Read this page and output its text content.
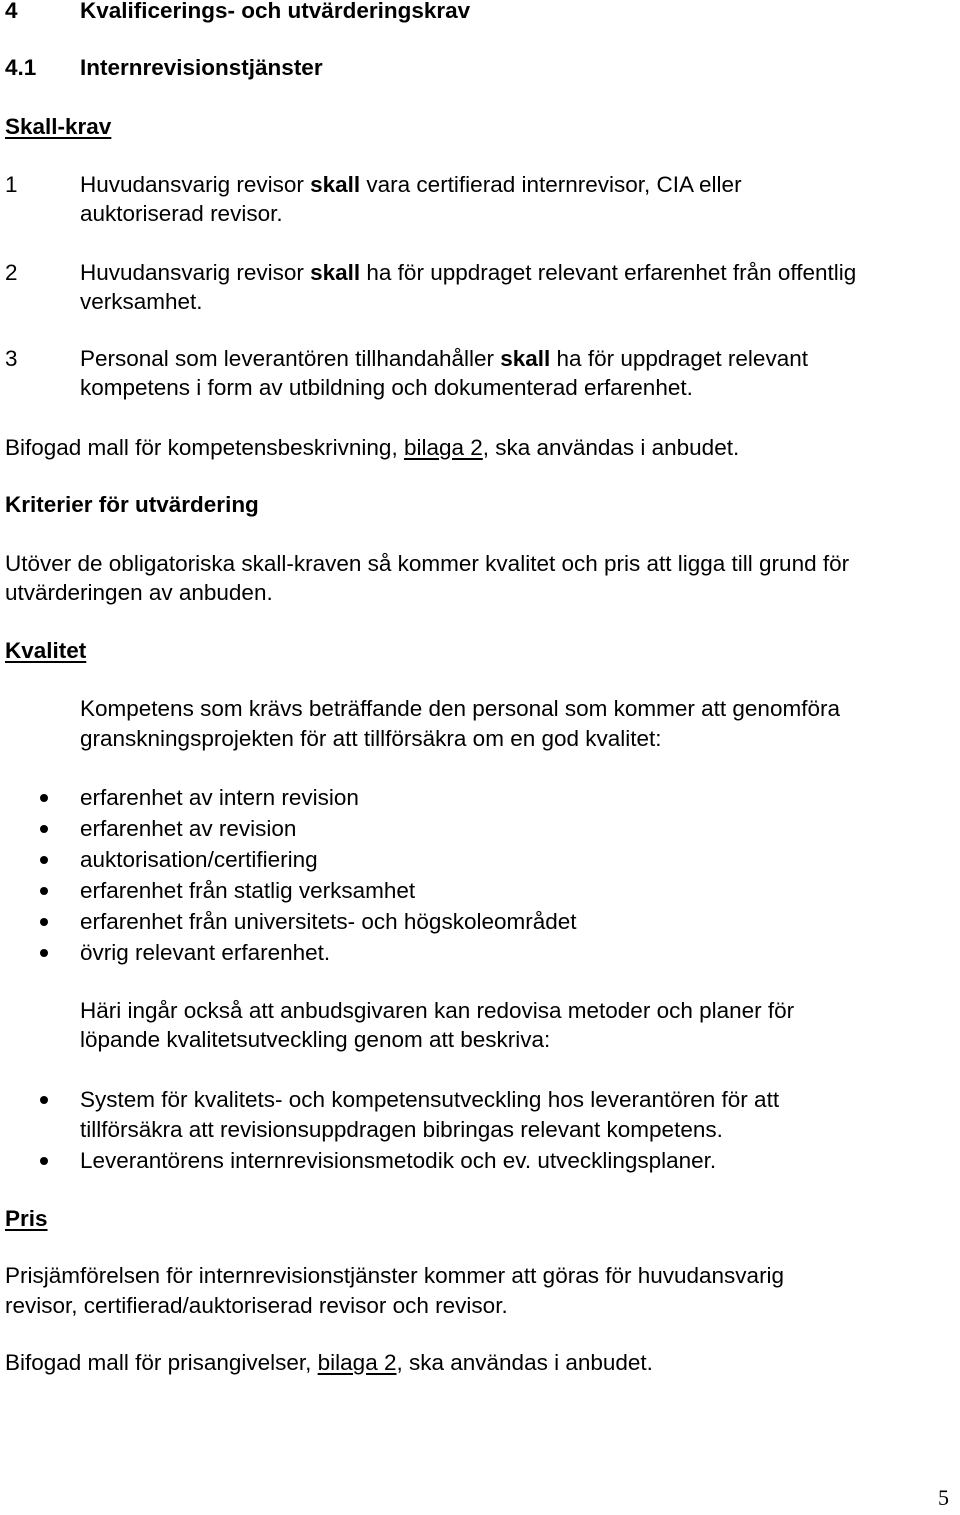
4	Kvalificerings- och utvärderingskrav
4.1 Internrevisionstjänster
Skall-krav
1	Huvudansvarig revisor skall vara certifierad internrevisor, CIA eller
auktoriserad revisor.
2	Huvudansvarig revisor skall ha för uppdraget relevant erfarenhet från offentlig
verksamhet.
3	Personal som leverantören tillhandahåller skall ha för uppdraget relevant
kompetens i form av utbildning och dokumenterad erfarenhet.
Bifogad mall för kompetensbeskrivning, bilaga 2, ska användas i anbudet.
Kriterier för utvärdering
Utöver de obligatoriska skall-kraven så kommer kvalitet och pris att ligga till grund för
utvärderingen av anbuden.
Kvalitet
Kompetens som krävs beträffande den personal som kommer att genomföra
granskningsprojekten för att tillförsäkra om en god kvalitet:
erfarenhet av intern revision
erfarenhet av revision
auktorisation/certifiering
erfarenhet från statlig verksamhet
erfarenhet från universitets- och högskoleområdet
övrig relevant erfarenhet.
Häri ingår också att anbudsgivaren kan redovisa metoder och planer för
löpande kvalitetsutveckling genom att beskriva:
System för kvalitets- och kompetensutveckling hos leverantören för att
tillförsäkra att revisionsuppdragen bibringas relevant kompetens.
Leverantörens internrevisionsmetodik och ev. utvecklingsplaner.
Pris
Prisjämförelsen för internrevisionstjänster kommer att göras för huvudansvarig
revisor, certifierad/auktoriserad revisor och revisor.
Bifogad mall för prisangivelser, bilaga 2, ska användas i anbudet.
5
